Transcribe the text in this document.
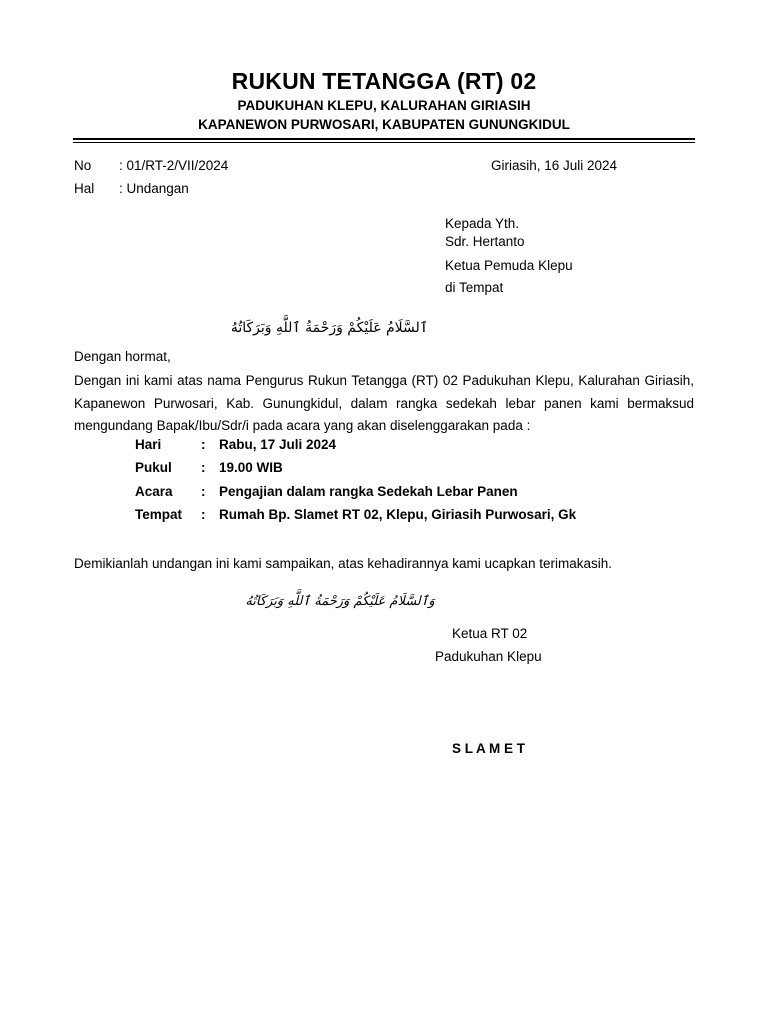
RUKUN TETANGGA (RT) 02
PADUKUHAN KLEPU, KALURAHAN GIRIASIH
KAPANEWON PURWOSARI, KABUPATEN GUNUNGKIDUL
No : 01/RT-2/VII/2024	Giriasih, 16 Juli 2024
Hal : Undangan
Kepada Yth.
Sdr. Hertanto
Ketua Pemuda Klepu
di Tempat
ٱلسَّلَامُ عَلَيْكُمْ وَرَحْمَةُ ٱللَّهِ وَبَرَكَاتُهُ
Dengan hormat,
Dengan ini kami atas nama Pengurus Rukun Tetangga (RT) 02 Padukuhan Klepu, Kalurahan Giriasih, Kapanewon Purwosari, Kab. Gunungkidul, dalam rangka sedekah lebar panen kami bermaksud mengundang Bapak/Ibu/Sdr/i pada acara yang akan diselenggarakan pada :
Hari	: Rabu, 17 Juli 2024
Pukul : 19.00 WIB
Acara : Pengajian dalam rangka Sedekah Lebar Panen
Tempat : Rumah Bp. Slamet RT 02, Klepu, Giriasih Purwosari, Gk
Demikianlah undangan ini kami sampaikan, atas kehadirannya kami ucapkan terimakasih.
وَٱلسَّلَامُ عَلَيْكُمْ وَرَحْمَةُ ٱللَّهِ وَبَرَكَاتُهُ
Ketua RT 02
Padukuhan Klepu
S L A M E T
